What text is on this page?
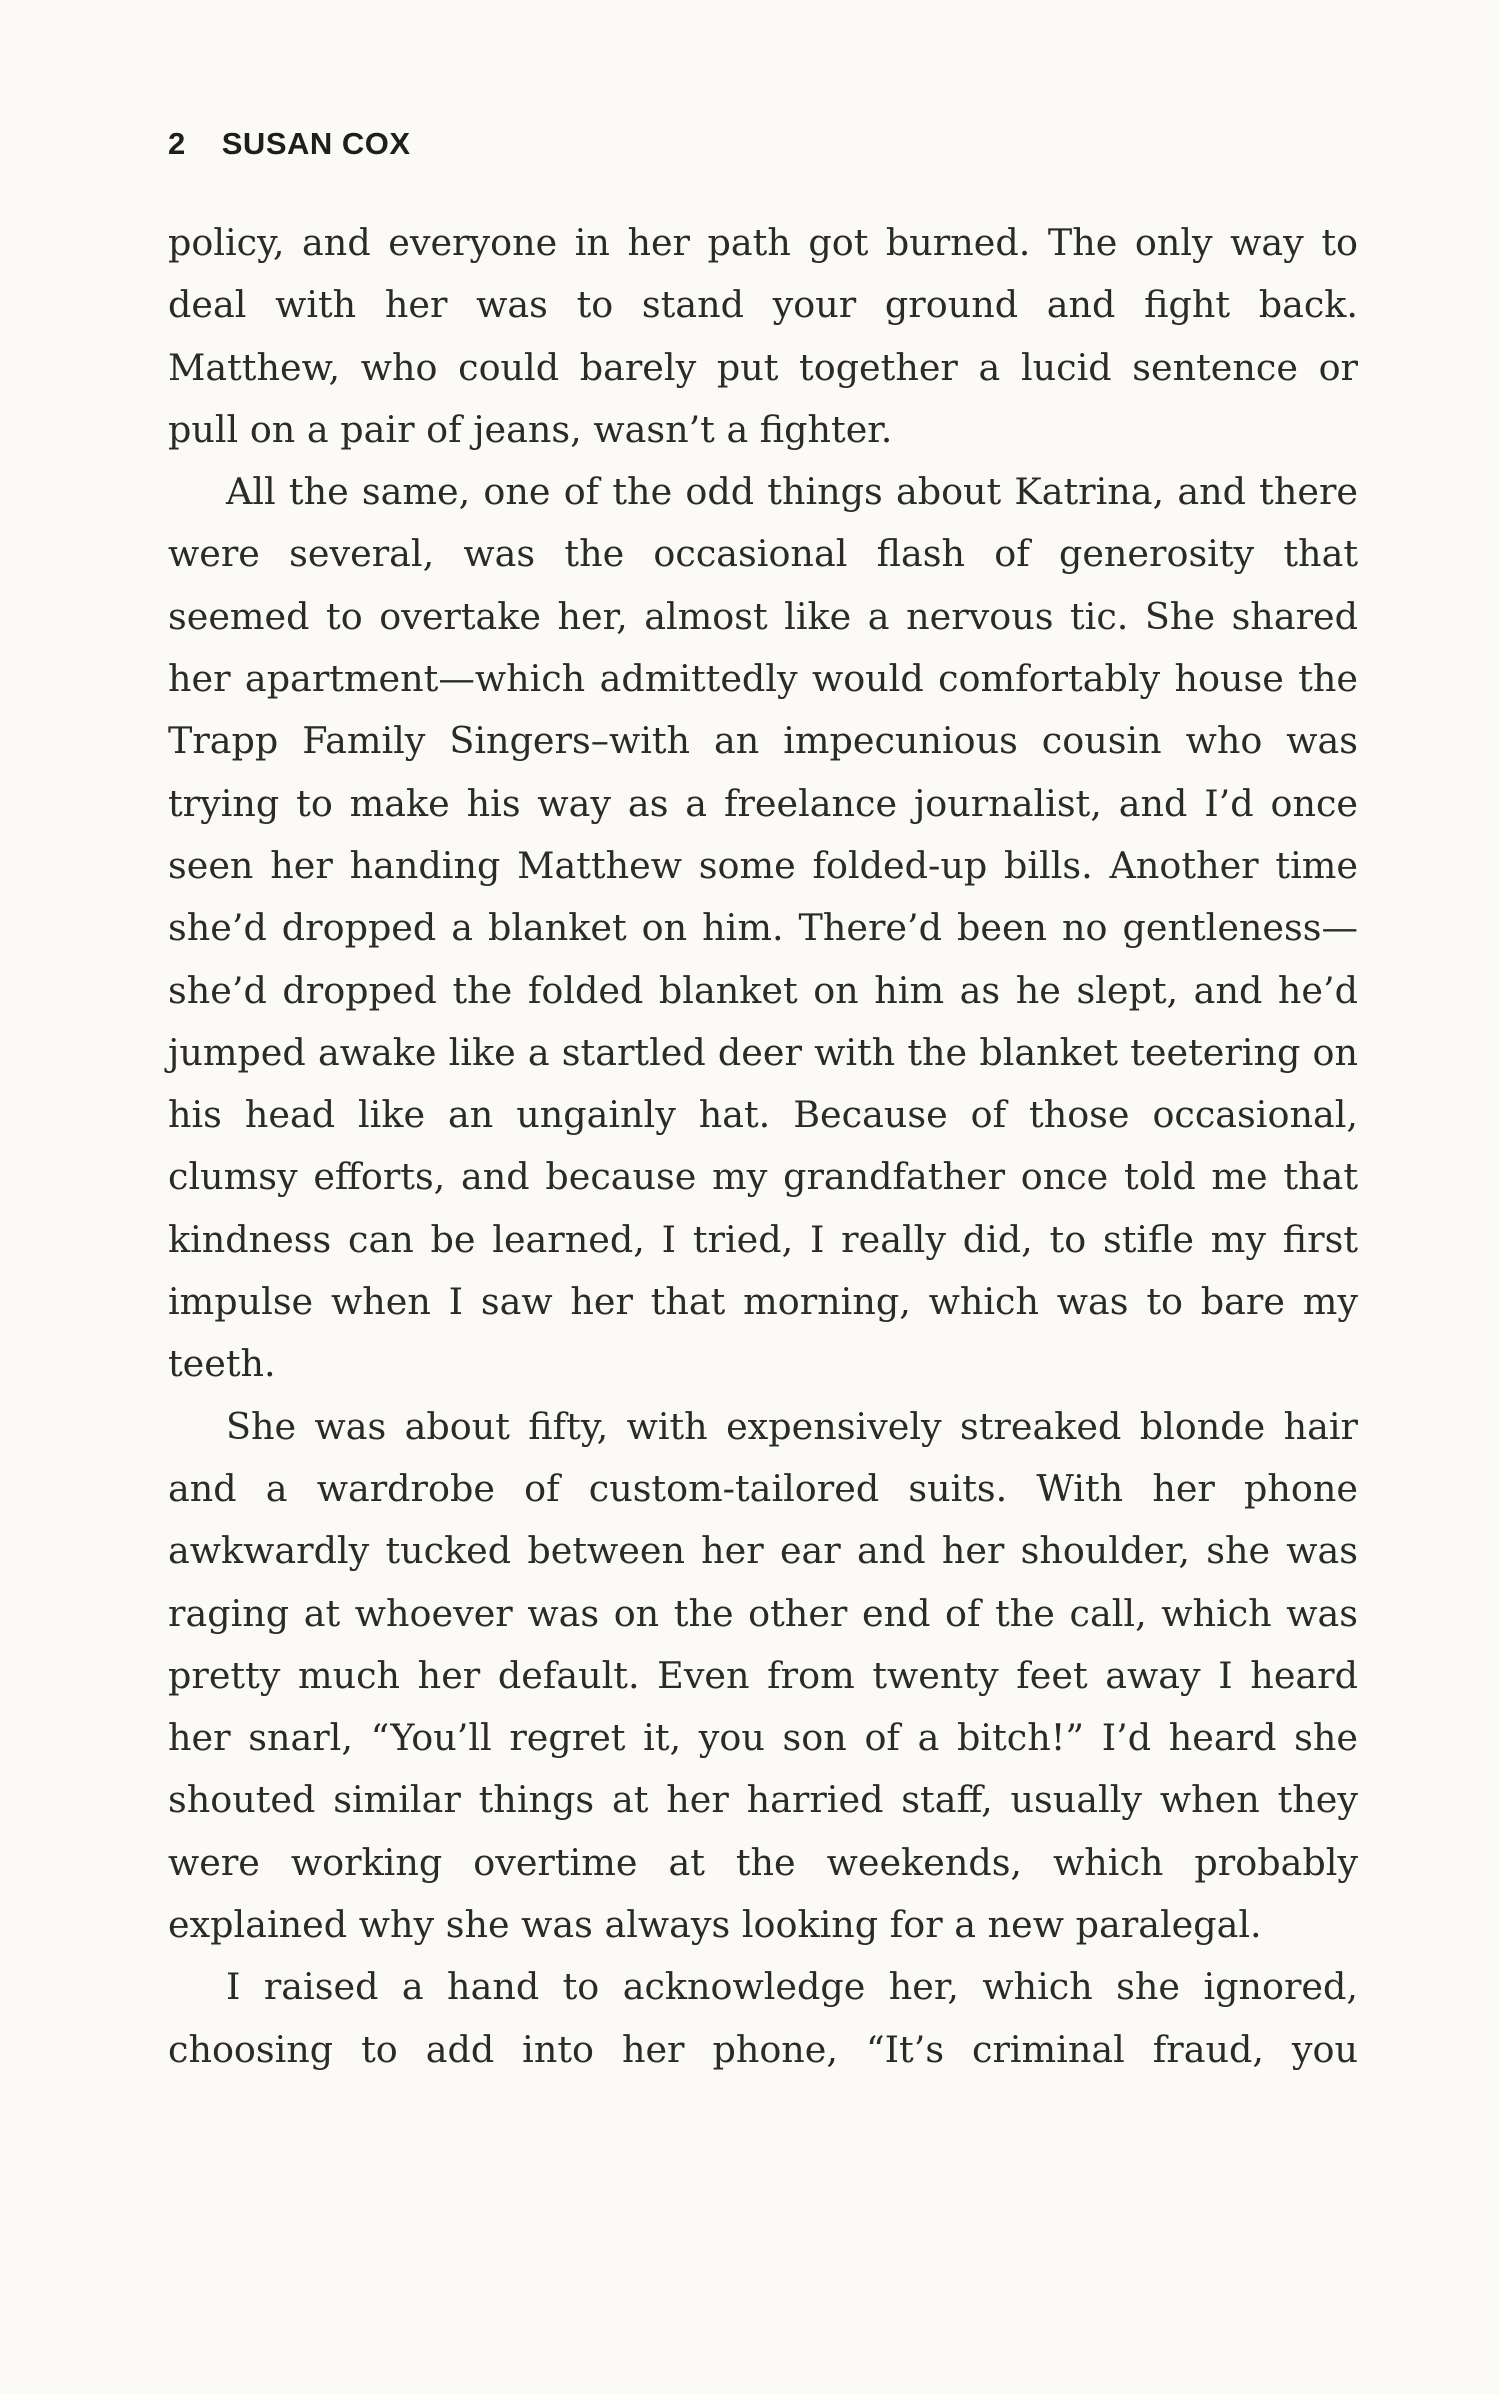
2 SUSAN COX

policy, and everyone in her path got burned. The only way to deal with her was to stand your ground and fight back. Matthew, who could barely put together a lucid sentence or pull on a pair of jeans, wasn’t a fighter.

All the same, one of the odd things about Katrina, and there were several, was the occasional flash of generosity that seemed to overtake her, almost like a nervous tic. She shared her apartment—which admittedly would comfortably house the Trapp Family Singers–with an impecunious cousin who was trying to make his way as a freelance journalist, and I’d once seen her handing Matthew some folded-up bills. Another time she’d dropped a blanket on him. There’d been no gentleness—she’d dropped the folded blanket on him as he slept, and he’d jumped awake like a startled deer with the blanket teetering on his head like an ungainly hat. Because of those occasional, clumsy efforts, and because my grandfather once told me that kindness can be learned, I tried, I really did, to stifle my first impulse when I saw her that morning, which was to bare my teeth.

She was about fifty, with expensively streaked blonde hair and a wardrobe of custom-tailored suits. With her phone awkwardly tucked between her ear and her shoulder, she was raging at whoever was on the other end of the call, which was pretty much her default. Even from twenty feet away I heard her snarl, “You’ll regret it, you son of a bitch!” I’d heard she shouted similar things at her harried staff, usually when they were working overtime at the weekends, which probably explained why she was always looking for a new paralegal.

I raised a hand to acknowledge her, which she ignored, choosing to add into her phone, “It’s criminal fraud, you
